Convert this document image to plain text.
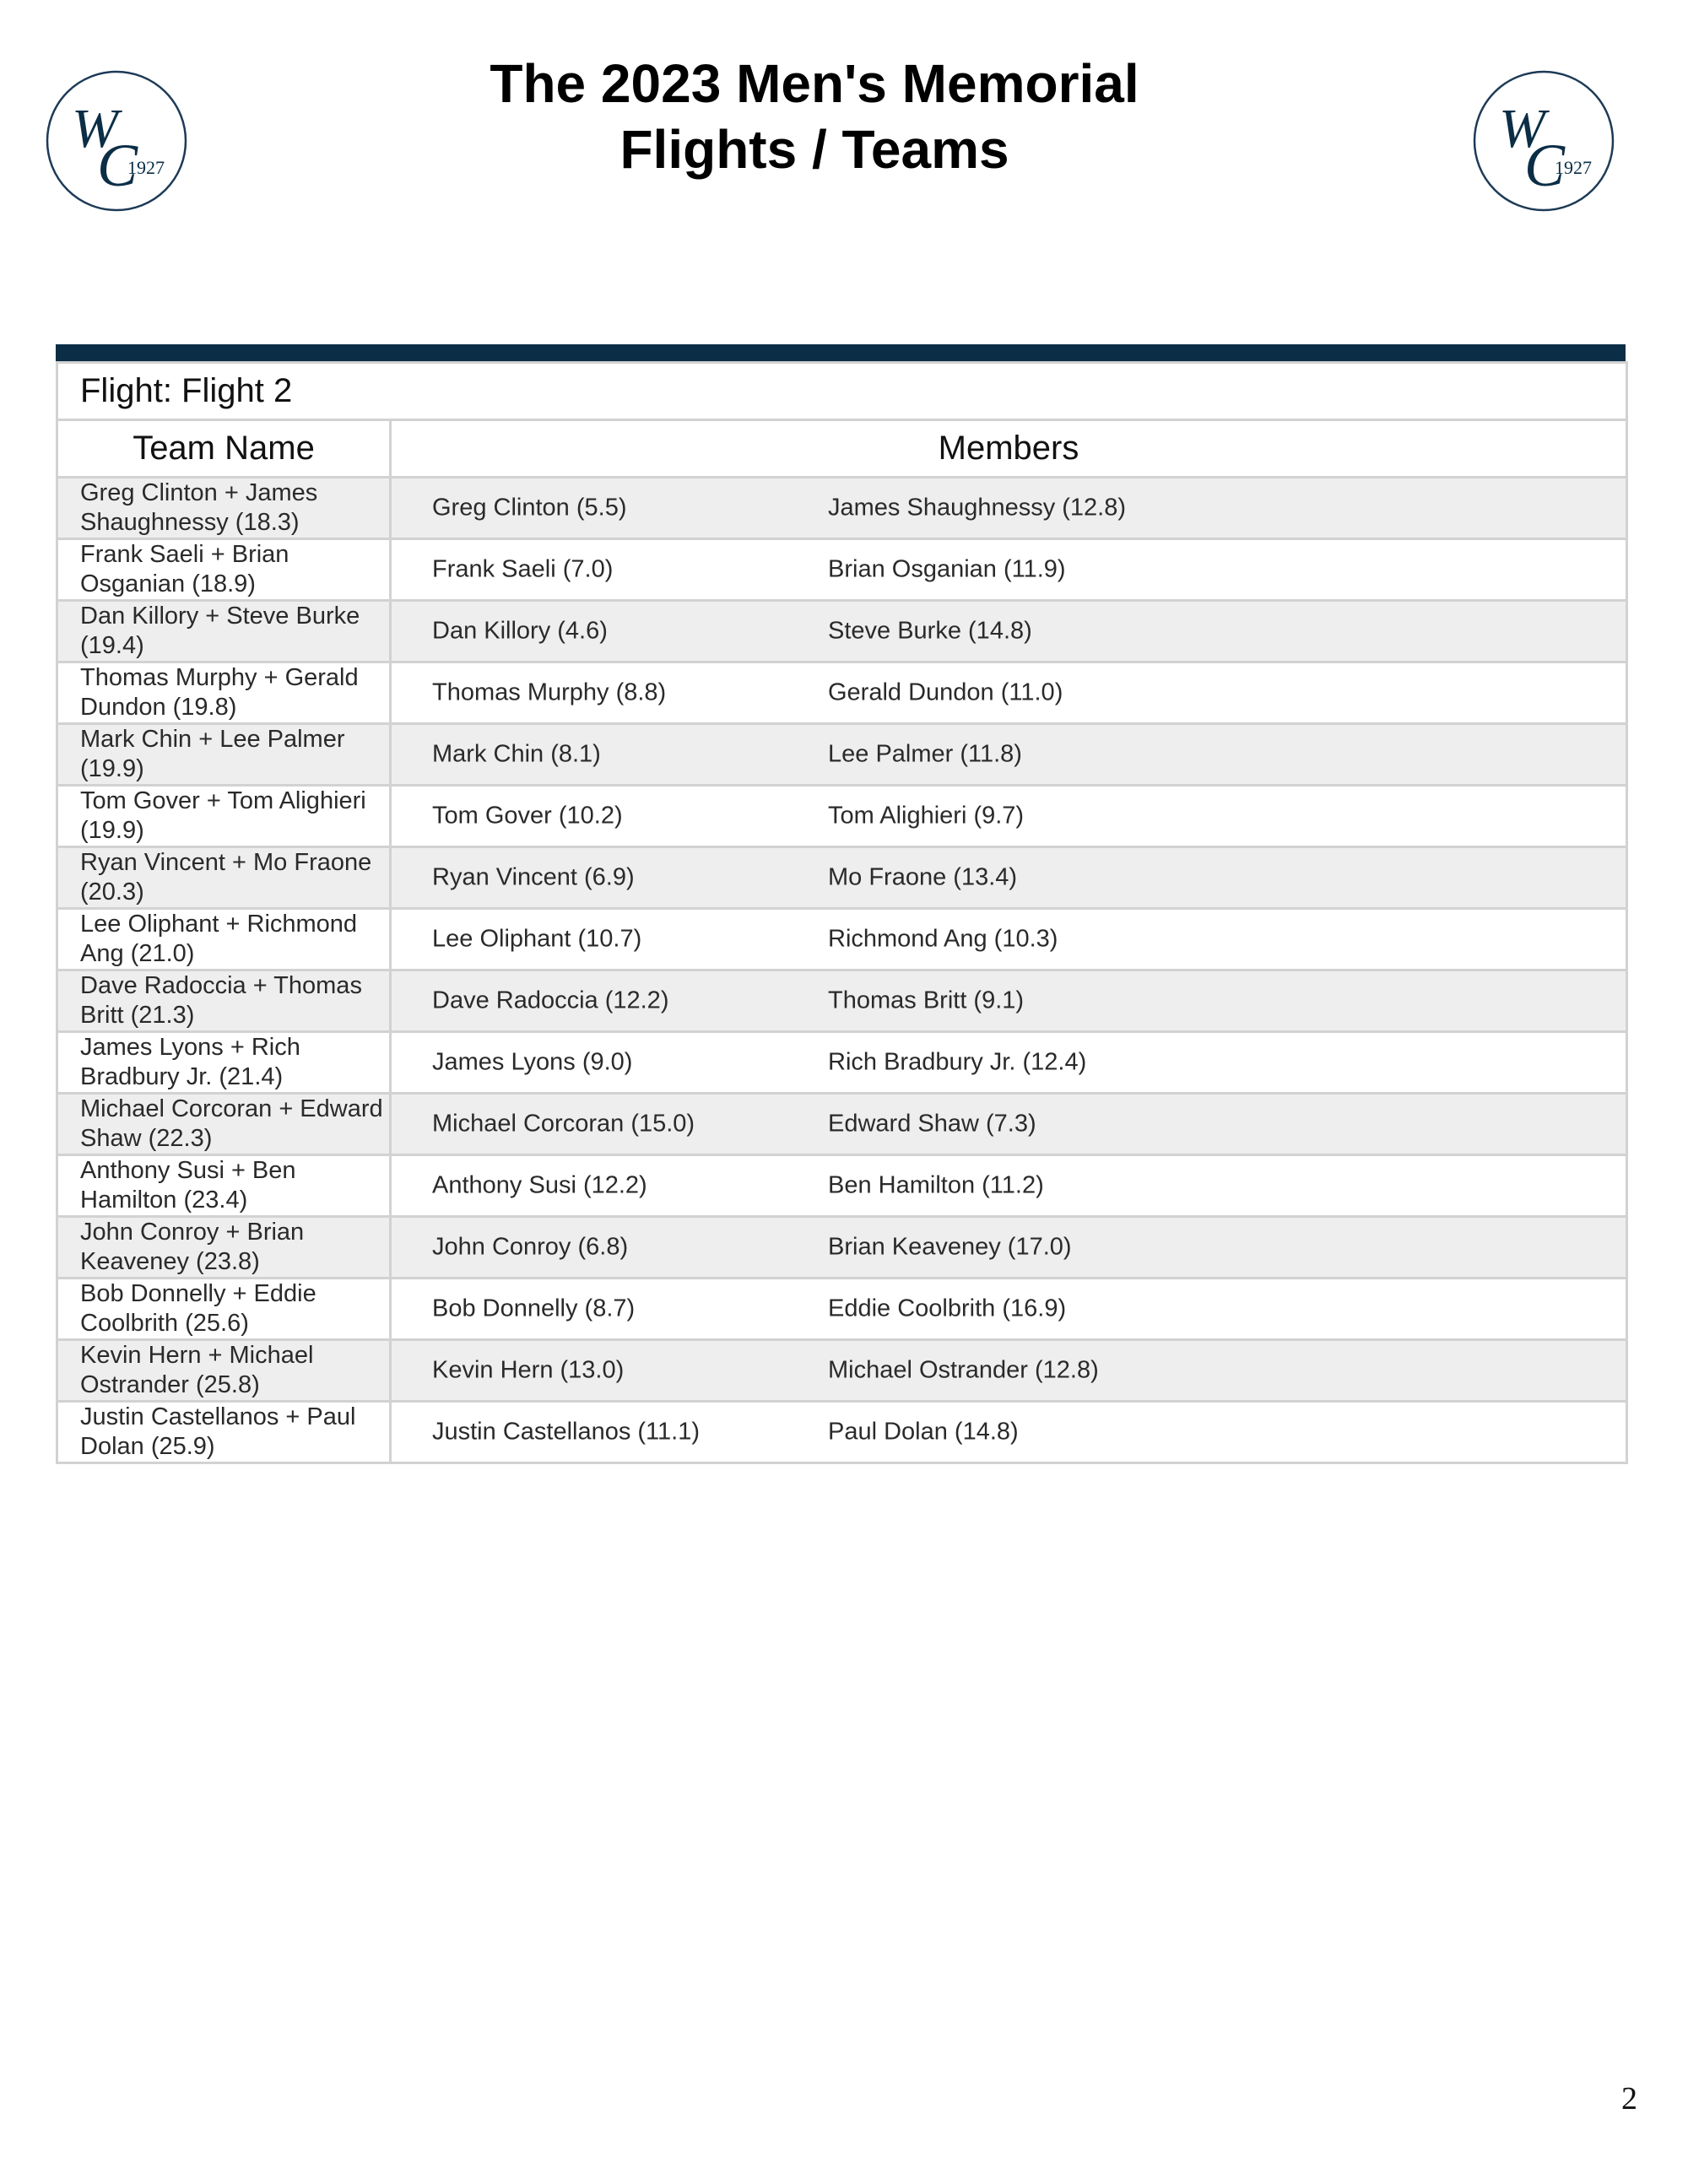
W
C
1927
W
C
1927
The 2023 Men's Memorial
Flights / Teams
Flight: Flight 2	
Team Name	Members
Greg Clinton + James Shaughnessy (18.3)	Greg Clinton (5.5) James Shaughnessy (12.8)

Frank Saeli + Brian Osganian (18.9)	Frank Saeli (7.0) Brian Osganian (11.9)

Dan Killory + Steve Burke (19.4)	Dan Killory (4.6) Steve Burke (14.8)

Thomas Murphy + Gerald Dundon (19.8)	Thomas Murphy (8.8) Gerald Dundon (11.0)

Mark Chin + Lee Palmer (19.9)	Mark Chin (8.1) Lee Palmer (11.8)

Tom Gover + Tom Alighieri (19.9)	Tom Gover (10.2) Tom Alighieri (9.7)

Ryan Vincent + Mo Fraone (20.3)	Ryan Vincent (6.9) Mo Fraone (13.4)

Lee Oliphant + Richmond Ang (21.0)	Lee Oliphant (10.7) Richmond Ang (10.3)

Dave Radoccia + Thomas Britt (21.3)	Dave Radoccia (12.2) Thomas Britt (9.1)

James Lyons + Rich Bradbury Jr. (21.4)	James Lyons (9.0) Rich Bradbury Jr. (12.4)

Michael Corcoran + Edward Shaw (22.3)	Michael Corcoran (15.0) Edward Shaw (7.3)

Anthony Susi + Ben Hamilton (23.4)	Anthony Susi (12.2) Ben Hamilton (11.2)

John Conroy + Brian Keaveney (23.8)	John Conroy (6.8) Brian Keaveney (17.0)

Bob Donnelly + Eddie Coolbrith (25.6)	Bob Donnelly (8.7) Eddie Coolbrith (16.9)

Kevin Hern + Michael Ostrander (25.8)	Kevin Hern (13.0) Michael Ostrander (12.8)

Justin Castellanos + Paul Dolan (25.9)	Justin Castellanos (11.1) Paul Dolan (14.8)
2
